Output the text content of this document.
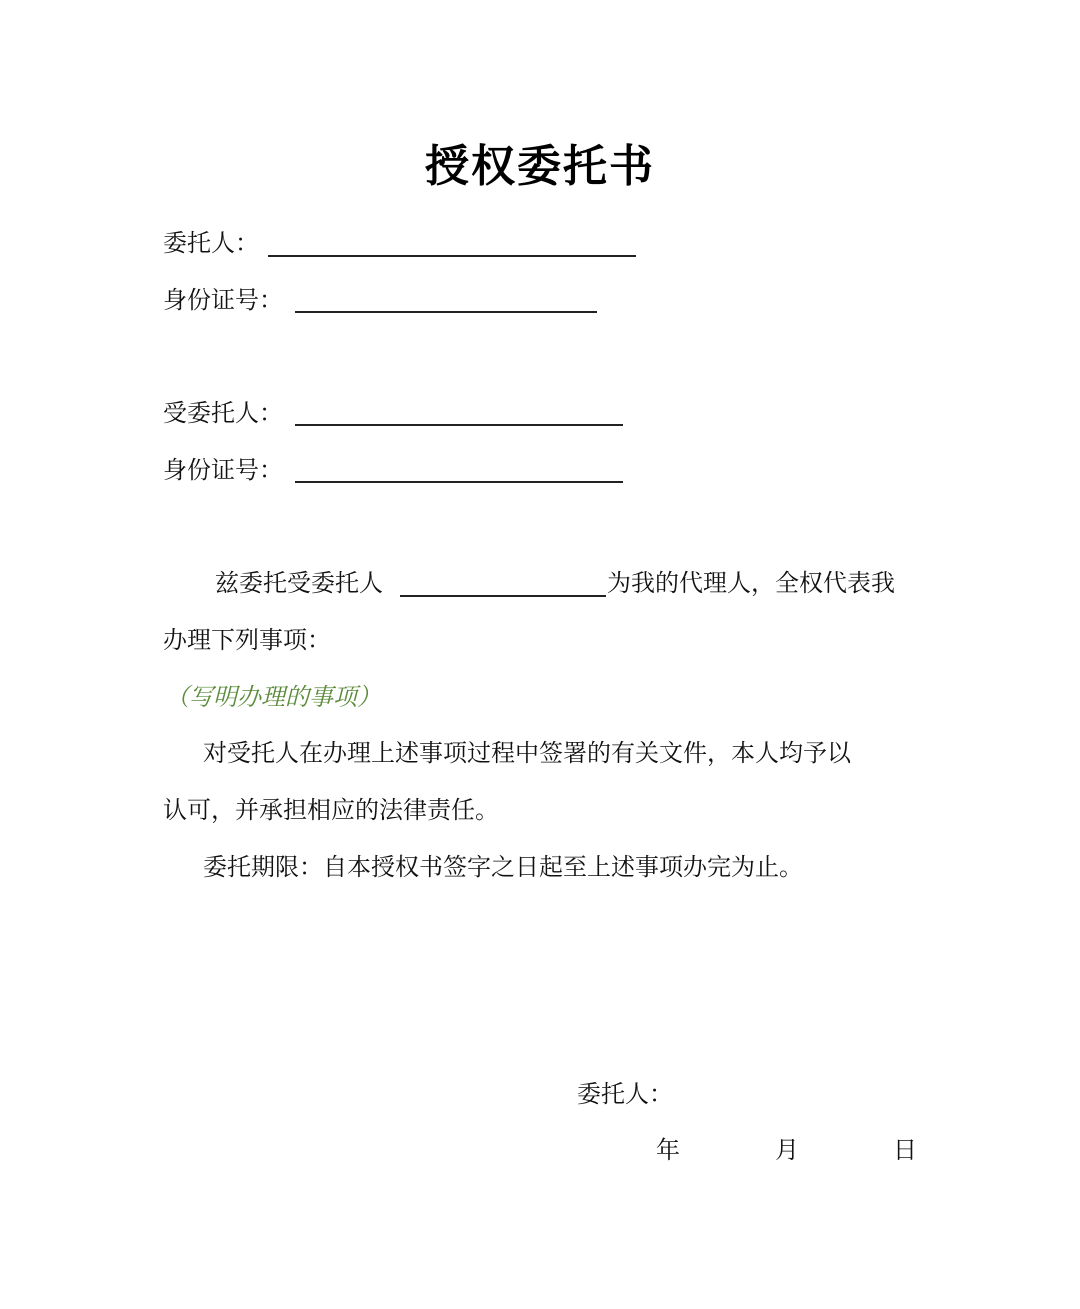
授权委托书
委托人：
身份证号：
受委托人：
身份证号：
兹委托受委托人	为我的代理人，全权代表我
办理下列事项：
（写明办理的事项）
对受托人在办理上述事项过程中签署的有关文件，本人均予以
认可，并承担相应的法律责任。
委托期限：自本授权书签字之日起至上述事项办完为止。
委托人：
年	月	日
